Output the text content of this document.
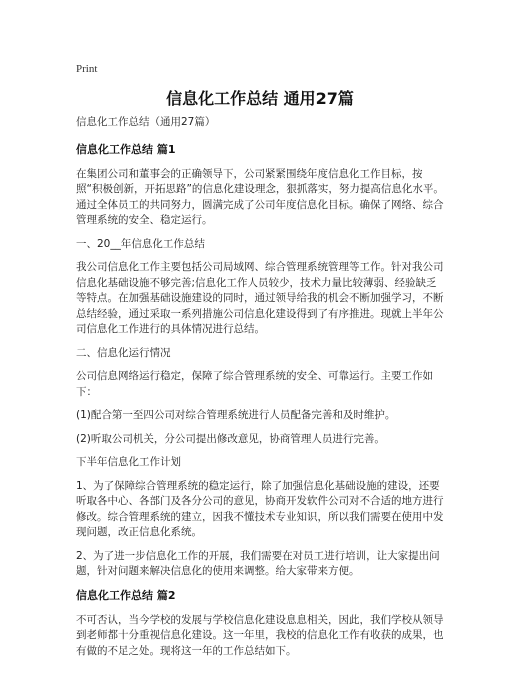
Print
信息化工作总结 通用27篇

信息化工作总结（通用27篇）

信息化工作总结 篇1

在集团公司和董事会的正确领导下，公司紧紧围绕年度信息化工作目标，按照“积极创新，开拓思路”的信息化建设理念，狠抓落实，努力提高信息化水平。通过全体员工的共同努力，圆满完成了公司年度信息化目标。确保了网络、综合管理系统的安全、稳定运行。

一、20__年信息化工作总结

我公司信息化工作主要包括公司局域网、综合管理系统管理等工作。针对我公司信息化基础设施不够完善;信息化工作人员较少，技术力量比较薄弱、经验缺乏等特点。在加强基础设施建设的同时，通过领导给我的机会不断加强学习，不断总结经验，通过采取一系列措施公司信息化建设得到了有序推进。现就上半年公司信息化工作进行的具体情况进行总结。

二、信息化运行情况

公司信息网络运行稳定，保障了综合管理系统的安全、可靠运行。主要工作如下：

(1)配合第一至四公司对综合管理系统进行人员配备完善和及时维护。

(2)听取公司机关，分公司提出修改意见，协商管理人员进行完善。

下半年信息化工作计划

1、为了保障综合管理系统的稳定运行，除了加强信息化基础设施的建设，还要听取各中心、各部门及各分公司的意见，协商开发软件公司对不合适的地方进行修改。综合管理系统的建立，因我不懂技术专业知识，所以我们需要在使用中发现问题，改正信息化系统。

2、为了进一步信息化工作的开展，我们需要在对员工进行培训，让大家提出问题，针对问题来解决信息化的使用来调整。给大家带来方便。

信息化工作总结 篇2

不可否认，当今学校的发展与学校信息化建设息息相关，因此，我们学校从领导到老师都十分重视信息化建设。这一年里，我校的信息化工作有收获的成果，也有做的不足之处。现将这一年的工作总结如下。
